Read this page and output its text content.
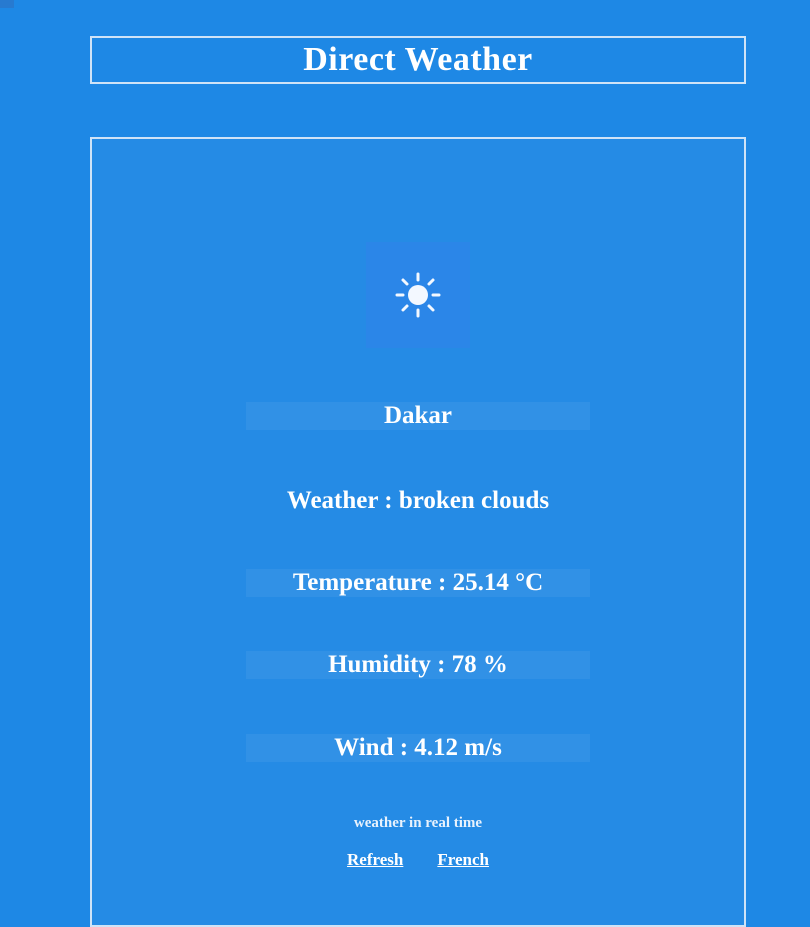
Direct Weather
Dakar
Weather : broken clouds
Temperature : 25.14 °C
Humidity : 78 %
Wind : 4.12 m/s
weather in real time
Refresh French
